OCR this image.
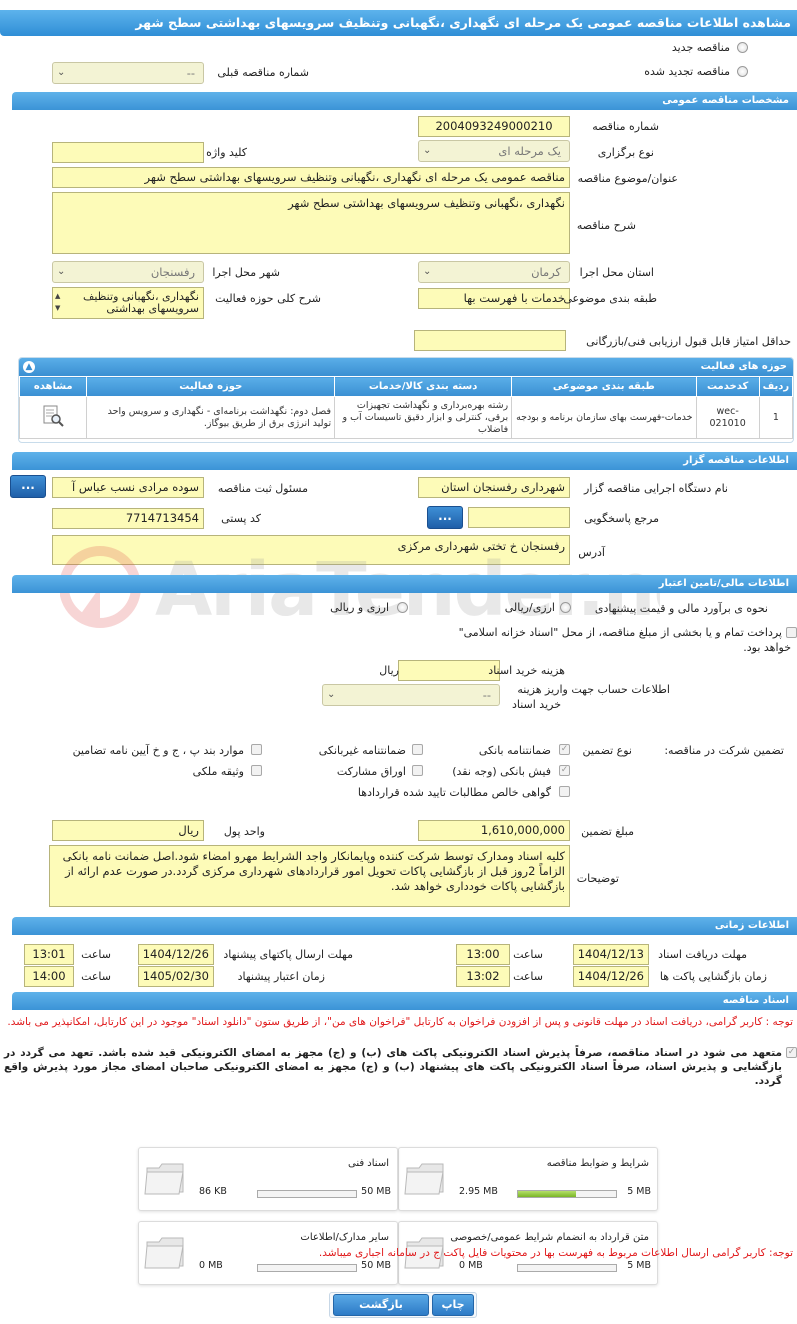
مشاهده اطلاعات مناقصه عمومی یک مرحله ای نگهداری ،نگهبانی وتنظیف سرویسهای بهداشتی سطح شهر
مناقصه جدید
مناقصه تجدید شده
شماره مناقصه قبلی
--
⌄
مشخصات مناقصه عمومی
2004093249000210	شماره مناقصه
یک مرحله ای
⌄	نوع برگزاری
کلید واژه
مناقصه عمومی یک مرحله ای نگهداری ،نگهبانی وتنظیف سرویسهای بهداشتی سطح شهر	عنوان/موضوع مناقصه
نگهداری ،نگهبانی وتنظیف سرویسهای بهداشتی سطح شهر
شرح مناقصه
کرمان
⌄	استان محل اجرا
رفسنجان
⌄	شهر محل اجرا
خدمات با فهرست بها
طبقه بندی موضوعی
نگهداری ،نگهبانی وتنظیف سرویسهای بهداشتی
▲
▼
شرح کلی حوزه فعالیت
حداقل امتیاز قابل قبول ارزیابی فنی/بازرگانی
حوزه های فعالیت
▲
ردیف	کدخدمت	طبقه بندی موضوعی	دسته بندی کالا/خدمات	حوزه فعالیت	مشاهده
1	wec-021010	خدمات-فهرست بهای سازمان برنامه و بودجه	رشته بهره‌برداری و نگهداشت تجهیزات برقی، کنترلی و ابزار دقیق تاسیسات آب و فاضلاب	فصل دوم: نگهداشت برنامه‌ای - نگهداری و سرویس واحد تولید انرژی برق از طریق بیوگاز.	
اطلاعات مناقصه گزار
شهرداری رفسنجان استان	نام دستگاه اجرایی مناقصه گزار
سوده مرادی نسب عباس آ	مسئول ثبت مناقصه
...
...	مرجع پاسخگویی
7714713454	کد پستی
رفسنجان خ تختی شهرداری مرکزی	آدرس
اطلاعات مالی/تامین اعتبار
نحوه ی برآورد مالی و قیمت پیشنهادی
ارزی/ریالی
ارزی و ریالی
پرداخت تمام و یا بخشی از مبلغ مناقصه، از محل "اسناد خزانه اسلامی"
خواهد بود.
ریال	هزینه خرید اسناد
--
⌄	اطلاعات حساب جهت واریز هزینه
خرید اسناد
تضمین شرکت در مناقصه:
نوع تضمین
✓
ضمانتنامه بانکی
ضمانتنامه غیربانکی
موارد بند پ ، ج و خ آیین نامه تضامین
✓
فیش بانکی (وجه نقد)
اوراق مشارکت
وثیقه ملکی
گواهی خالص مطالبات تایید شده قراردادها
1,610,000,000	مبلغ تضمین
ریال	واحد پول
کلیه اسناد ومدارک توسط شرکت کننده وپایمانکار واجد الشرایط مهرو امضاء شود.اصل ضمانت نامه بانکی الزاماً 2روز قبل از بازگشایی پاکات تحویل امور قراردادهای شهرداری مرکزی گردد.در صورت عدم ارائه از بازگشایی پاکات خودداری خواهد شد.
توضیحات
اطلاعات زمانی
1404/12/13	مهلت دریافت اسناد
13:00	ساعت
1404/12/26	مهلت ارسال پاکتهای پیشنهاد
13:01	ساعت
1404/12/26	زمان بازگشایی پاکت ها
13:02	ساعت
1405/02/30	زمان اعتبار پیشنهاد
14:00	ساعت
اسناد مناقصه
توجه : کاربر گرامی، دریافت اسناد در مهلت قانونی و پس از افزودن فراخوان به کارتابل "فراخوان های من"، از طریق ستون "دانلود اسناد" موجود در این کارتابل، امکانپذیر می باشد.
✓
متعهد می شود در اسناد مناقصه، صرفاً پذیرش اسناد الکترونیکی پاکت های (ب) و (ج) مجهز به امضای الکترونیکی قید شده باشد. تعهد می گردد در بازگشایی و پذیرش اسناد، صرفاً اسناد الکترونیکی پاکت های پیشنهاد (ب) و (ج) مجهز به امضای الکترونیکی صاحبان امضای مجاز مورد پذیرش واقع گردد.
شرایط و ضوابط مناقصه
5 MB
2.95 MB
اسناد فنی
50 MB
86 KB
متن قرارداد به انضمام شرایط عمومی/خصوصی
5 MB
0 MB
سایر مدارک/اطلاعات
50 MB
0 MB
توجه: کاربر گرامی ارسال اطلاعات مربوط به فهرست بها در محتویات فایل پاکت ج در سامانه اجباری میباشد.
بازگشت	چاپ
